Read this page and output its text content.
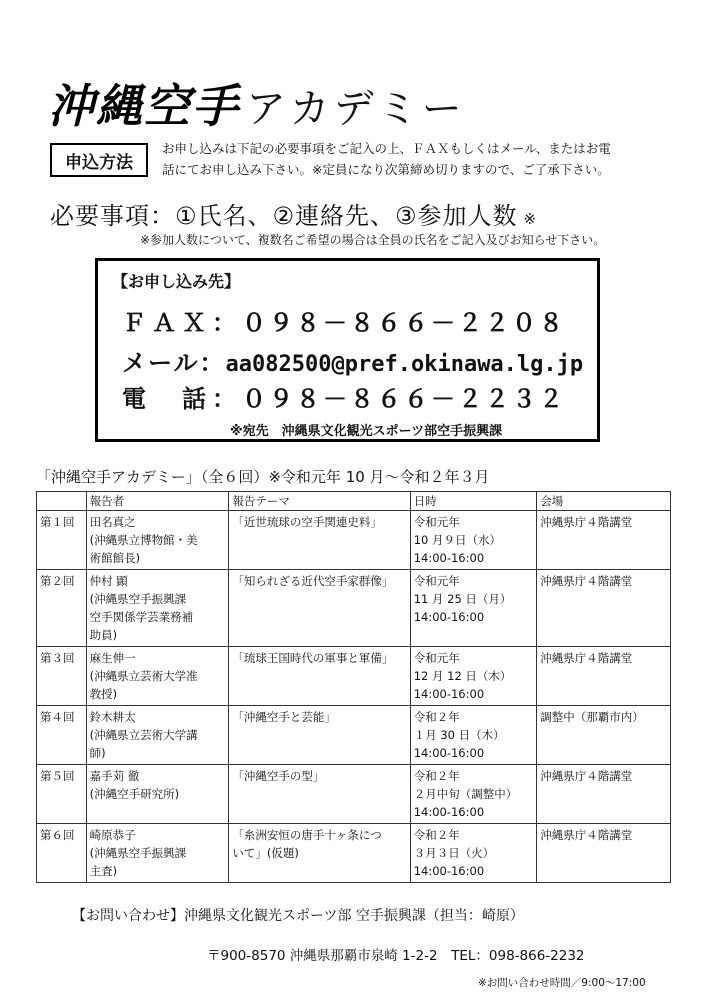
沖縄空手 アカデミー
申込方法
お申し込みは下記の必要事項をご記入の上、ＦＡＸもしくはメール、またはお電
話にてお申し込み下さい。※定員になり次第締め切りますので、ご了承下さい。
必要事項：①氏名、②連絡先、③参加人数 ※
※参加人数について、複数名ご希望の場合は全員の氏名をご記入及びお知らせ下さい。
【お申し込み先】
ＦＡＸ：０９８－８６６－２２０８
メール：aa082500@pref.okinawa.lg.jp
電　話：０９８－８６６－２２３２
※宛先　沖縄県文化観光スポーツ部空手振興課
「沖縄空手アカデミー」（全６回）※令和元年 10 月～令和２年３月
	報告者	報告テーマ	日時	会場
第１回	田名真之
(沖縄県立博物館・美
術館館長)	「近世琉球の空手関連史料」	令和元年
10 月９日（水）
14:00-16:00	沖縄県庁４階講堂
第２回	仲村 顕
(沖縄県空手振興課
空手関係学芸業務補
助員)	「知られざる近代空手家群像」	令和元年
11 月 25 日（月）
14:00-16:00	沖縄県庁４階講堂
第３回	麻生伸一
(沖縄県立芸術大学准
教授)	「琉球王国時代の軍事と軍備」	令和元年
12 月 12 日（木）
14:00-16:00	沖縄県庁４階講堂
第４回	鈴木耕太
(沖縄県立芸術大学講
師)	「沖縄空手と芸能」	令和２年
１月 30 日（木）
14:00-16:00	調整中（那覇市内）
第５回	嘉手苅 徹
(沖縄空手研究所)	「沖縄空手の型」	令和２年
２月中旬（調整中）
14:00-16:00	沖縄県庁４階講堂
第６回	崎原恭子
(沖縄県空手振興課
主査)	「糸洲安恒の唐手十ヶ条につ
いて」(仮題)	令和２年
３月３日（火）
14:00-16:00	沖縄県庁４階講堂
【お問い合わせ】沖縄県文化観光スポーツ部 空手振興課（担当：崎原）
〒900-8570 沖縄県那覇市泉崎 1-2-2　TEL：098-866-2232
※お問い合わせ時間／9:00～17:00
